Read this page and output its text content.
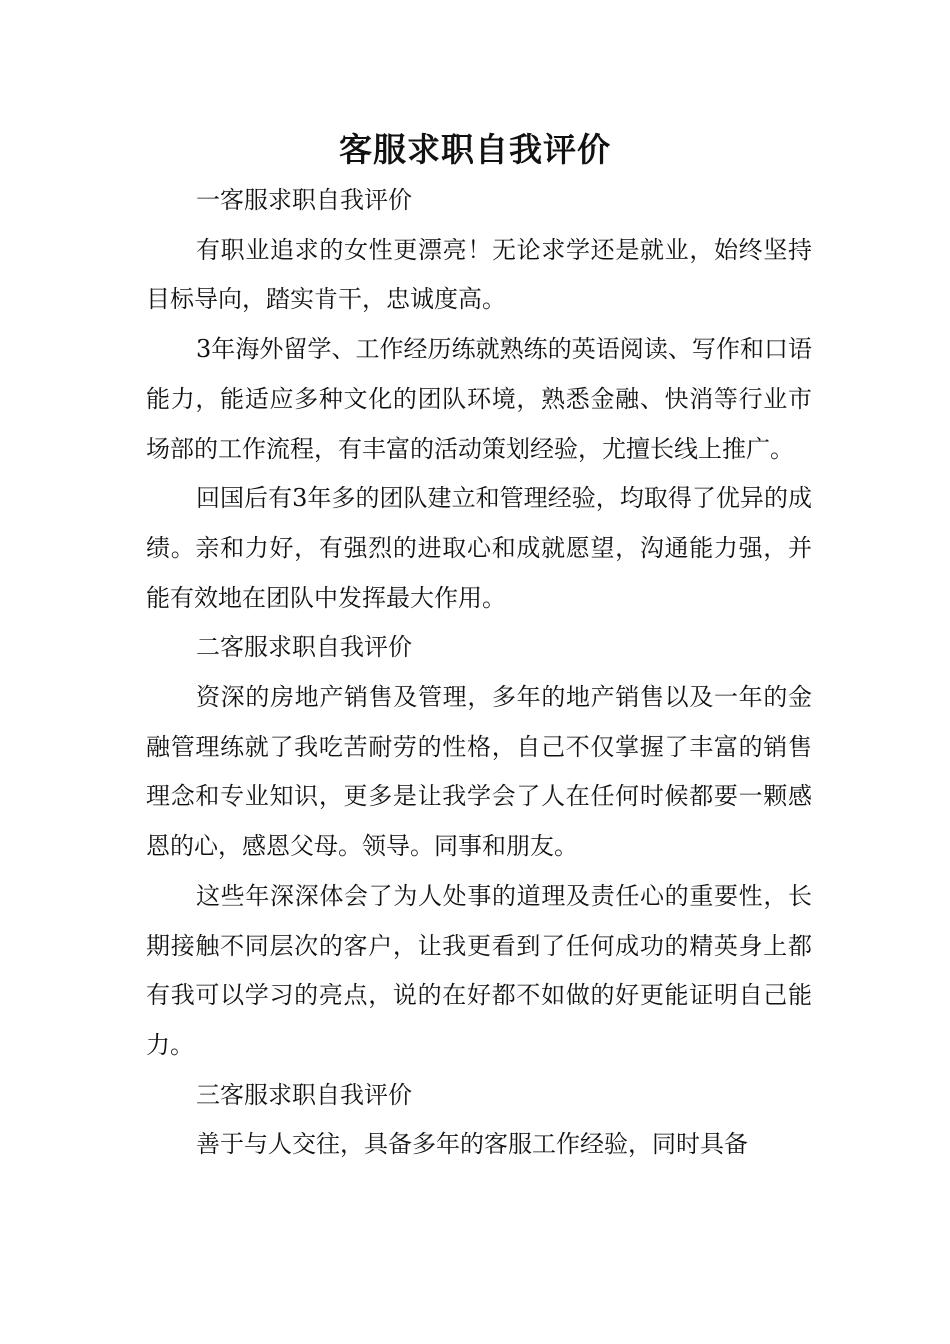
客服求职自我评价

一客服求职自我评价

有职业追求的女性更漂亮！无论求学还是就业，始终坚持目标导向，踏实肯干，忠诚度高。

3年海外留学、工作经历练就熟练的英语阅读、写作和口语能力，能适应多种文化的团队环境，熟悉金融、快消等行业市场部的工作流程，有丰富的活动策划经验，尤擅长线上推广。

回国后有3年多的团队建立和管理经验，均取得了优异的成绩。亲和力好，有强烈的进取心和成就愿望，沟通能力强，并能有效地在团队中发挥最大作用。

二客服求职自我评价

资深的房地产销售及管理，多年的地产销售以及一年的金融管理练就了我吃苦耐劳的性格，自己不仅掌握了丰富的销售理念和专业知识，更多是让我学会了人在任何时候都要一颗感恩的心，感恩父母。领导。同事和朋友。

这些年深深体会了为人处事的道理及责任心的重要性，长期接触不同层次的客户，让我更看到了任何成功的精英身上都有我可以学习的亮点，说的在好都不如做的好更能证明自己能力。

三客服求职自我评价

善于与人交往，具备多年的客服工作经验，同时具备
